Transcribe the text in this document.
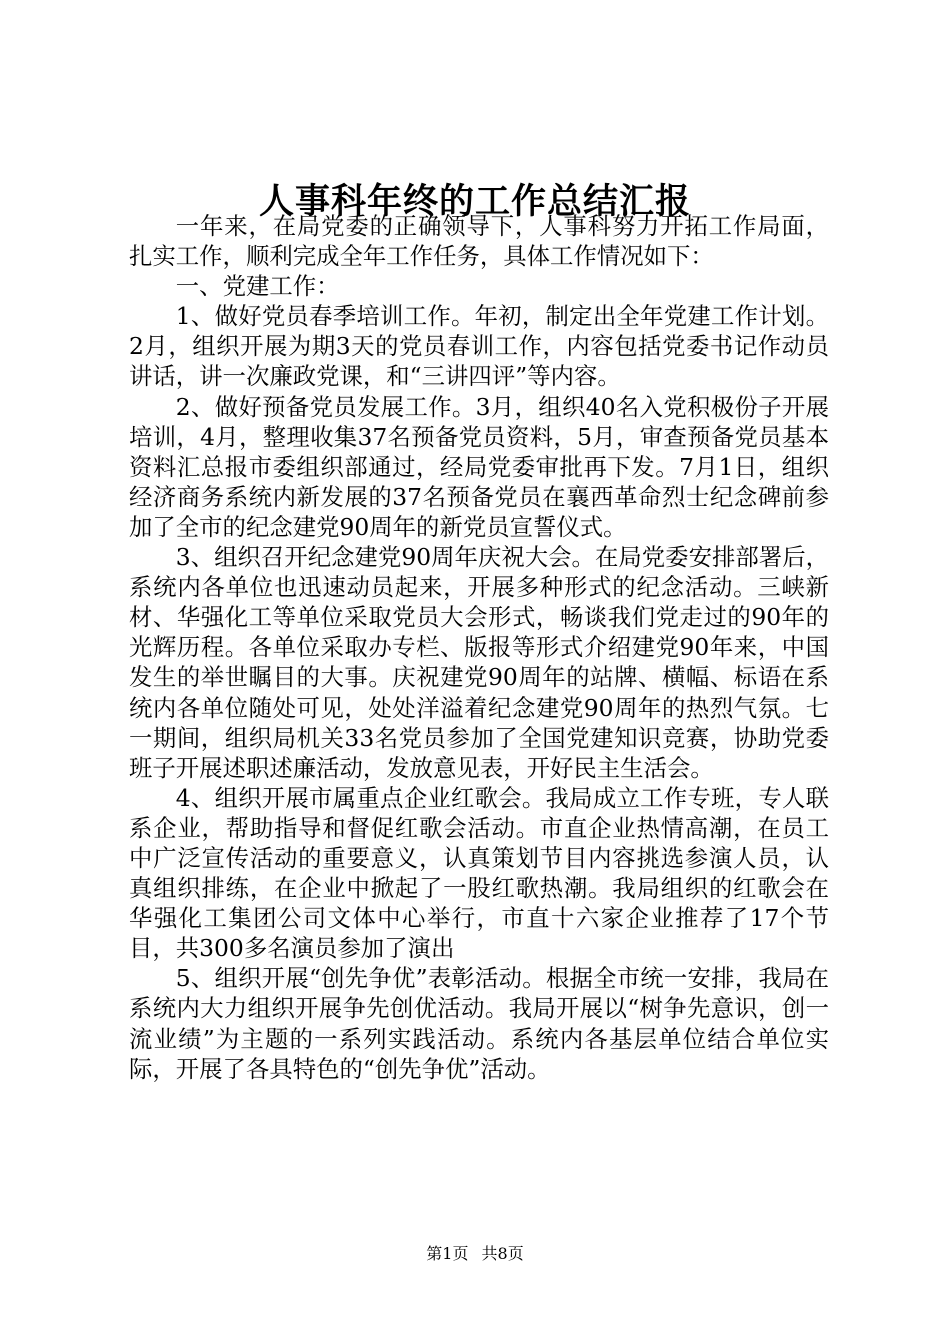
人事科年终的工作总结汇报

一年来，在局党委的正确领导下，人事科努力开拓工作局面，扎实工作，顺利完成全年工作任务，具体工作情况如下：

一、党建工作：

1、做好党员春季培训工作。年初，制定出全年党建工作计划。2月，组织开展为期3天的党员春训工作，内容包括党委书记作动员讲话，讲一次廉政党课，和“三讲四评”等内容。

2、做好预备党员发展工作。3月，组织40名入党积极份子开展培训，4月，整理收集37名预备党员资料，5月，审查预备党员基本资料汇总报市委组织部通过，经局党委审批再下发。7月1日，组织经济商务系统内新发展的37名预备党员在襄西革命烈士纪念碑前参加了全市的纪念建党90周年的新党员宣誓仪式。

3、组织召开纪念建党90周年庆祝大会。在局党委安排部署后，系统内各单位也迅速动员起来，开展多种形式的纪念活动。三峡新材、华强化工等单位采取党员大会形式，畅谈我们党走过的90年的光辉历程。各单位采取办专栏、版报等形式介绍建党90年来，中国发生的举世瞩目的大事。庆祝建党90周年的站牌、横幅、标语在系统内各单位随处可见，处处洋溢着纪念建党90周年的热烈气氛。七一期间，组织局机关33名党员参加了全国党建知识竞赛，协助党委班子开展述职述廉活动，发放意见表，开好民主生活会。

4、组织开展市属重点企业红歌会。我局成立工作专班，专人联系企业，帮助指导和督促红歌会活动。市直企业热情高潮，在员工中广泛宣传活动的重要意义，认真策划节目内容挑选参演人员，认真组织排练，在企业中掀起了一股红歌热潮。我局组织的红歌会在华强化工集团公司文体中心举行，市直十六家企业推荐了17个节目，共300多名演员参加了演出

5、组织开展“创先争优”表彰活动。根据全市统一安排，我局在系统内大力组织开展争先创优活动。我局开展以“树争先意识，创一流业绩”为主题的一系列实践活动。系统内各基层单位结合单位实际，开展了各具特色的“创先争优”活动。

第1页 共8页
